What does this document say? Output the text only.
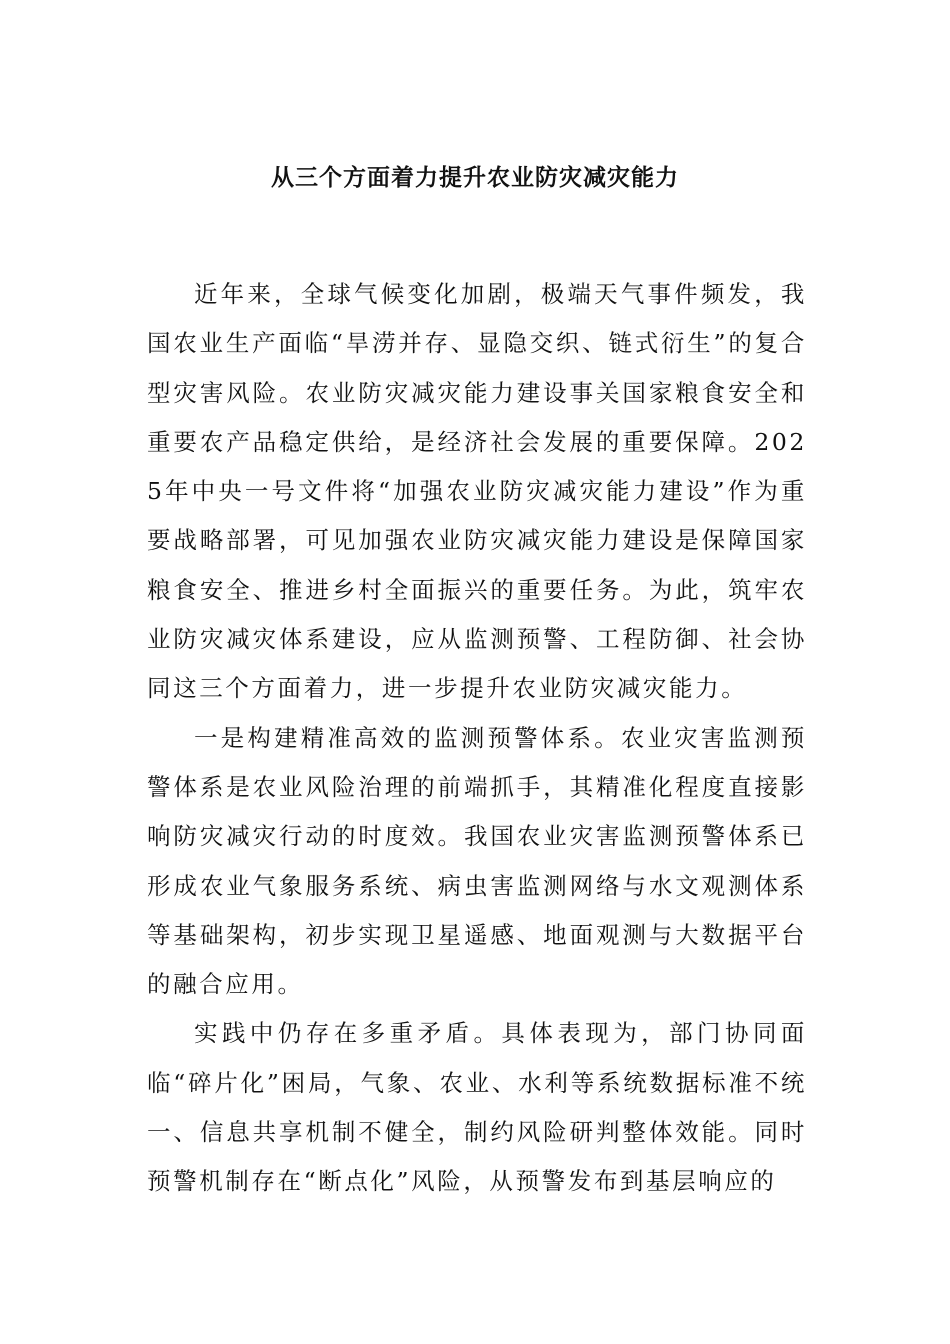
从三个方面着力提升农业防灾减灾能力

近年来，全球气候变化加剧，极端天气事件频发，我国农业生产面临“旱涝并存、显隐交织、链式衍生”的复合型灾害风险。农业防灾减灾能力建设事关国家粮食安全和重要农产品稳定供给，是经济社会发展的重要保障。2025年中央一号文件将“加强农业防灾减灾能力建设”作为重要战略部署，可见加强农业防灾减灾能力建设是保障国家粮食安全、推进乡村全面振兴的重要任务。为此，筑牢农业防灾减灾体系建设，应从监测预警、工程防御、社会协同这三个方面着力，进一步提升农业防灾减灾能力。

一是构建精准高效的监测预警体系。农业灾害监测预警体系是农业风险治理的前端抓手，其精准化程度直接影响防灾减灾行动的时度效。我国农业灾害监测预警体系已形成农业气象服务系统、病虫害监测网络与水文观测体系等基础架构，初步实现卫星遥感、地面观测与大数据平台的融合应用。

实践中仍存在多重矛盾。具体表现为，部门协同面临“碎片化”困局，气象、农业、水利等系统数据标准不统一、信息共享机制不健全，制约风险研判整体效能。同时预警机制存在“断点化”风险，从预警发布到基层响应的
